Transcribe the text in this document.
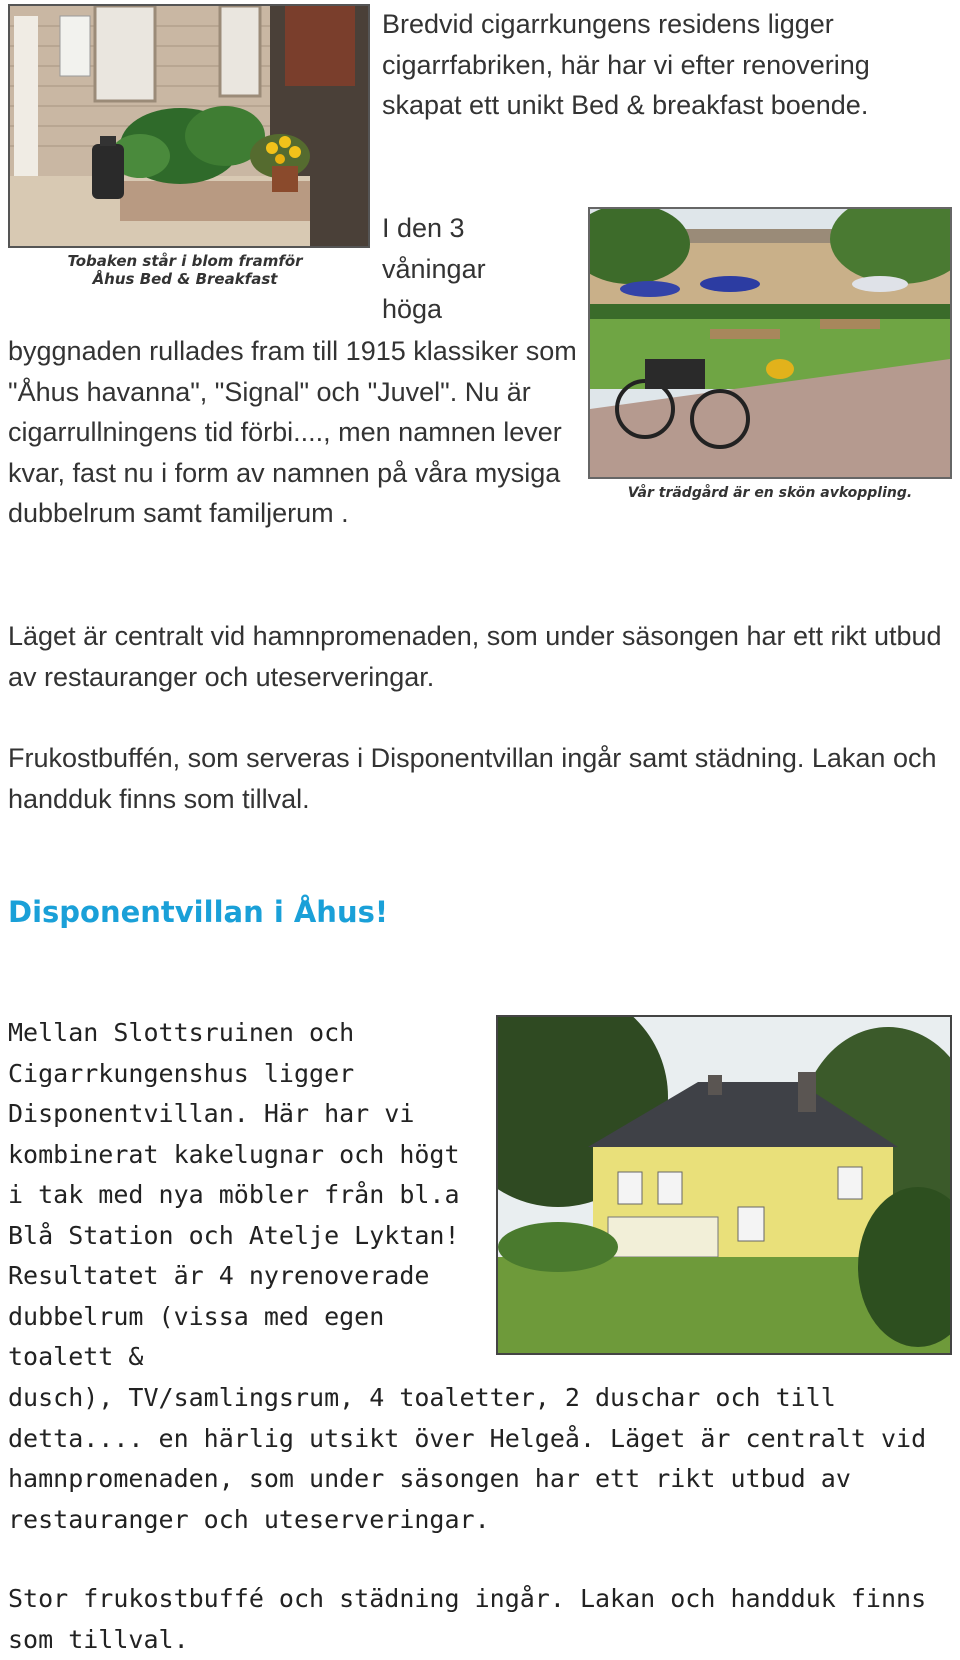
Tobaken står i blom framför
Åhus Bed & Breakfast
Bredvid cigarrkungens residens ligger cigarrfabriken, här har vi efter renovering skapat ett unikt Bed & breakfast boende.
I den 3
våningar
höga
byggnaden rullades fram till 1915 klassiker som "Åhus havanna", "Signal" och "Juvel". Nu är cigarrullningens tid förbi...., men namnen lever kvar, fast nu i form av namnen på våra mysiga dubbelrum samt familjerum .
Vår trädgård är en skön avkoppling.
Läget är centralt vid hamnpromenaden, som under säsongen har ett rikt utbud av restauranger och uteserveringar.
Frukostbuffén, som serveras i Disponentvillan ingår samt städning. Lakan och handduk finns som tillval.
Disponentvillan i Åhus!
Mellan Slottsruinen och Cigarrkungenshus ligger Disponentvillan. Här har vi kombinerat kakelugnar och högt i tak med nya möbler från bl.a Blå Station och Atelje Lyktan! Resultatet är 4 nyrenoverade dubbelrum (vissa med egen toalett &
dusch), TV/samlingsrum, 4 toaletter, 2 duschar och till detta.... en härlig utsikt över Helgeå. Läget är centralt vid hamnpromenaden, som under säsongen har ett rikt utbud av restauranger och uteserveringar.
Stor frukostbuffé och städning ingår. Lakan och handduk finns som tillval.
